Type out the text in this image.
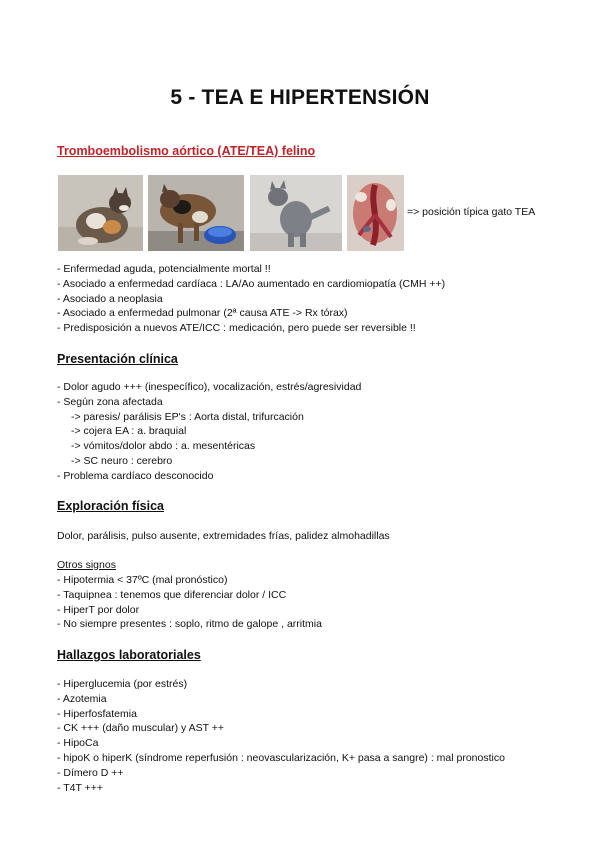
5 - TEA E HIPERTENSIÓN
Tromboembolismo aórtico (ATE/TEA) felino
=> posición típica gato TEA
- Enfermedad aguda, potencialmente mortal !!
- Asociado a enfermedad cardíaca : LA/Ao aumentado en cardiomiopatía (CMH ++)
- Asociado a neoplasia
- Asociado a enfermedad pulmonar (2ª causa ATE -> Rx tórax)
- Predisposición a nuevos ATE/ICC : medicación, pero puede ser reversible !!
Presentación clínica
- Dolor agudo +++ (inespecífico), vocalización, estrés/agresividad
- Según zona afectada
-> paresis/ parálisis EP's : Aorta distal, trifurcación
-> cojera EA : a. braquial
-> vómitos/dolor abdo : a. mesentéricas
-> SC neuro : cerebro
- Problema cardíaco desconocido
Exploración física

Dolor, parálisis, pulso ausente, extremidades frías, palidez almohadillas

Otros signos

- Hipotermia < 37ºC (mal pronóstico)
- Taquipnea : tenemos que diferenciar dolor / ICC
- HiperT por dolor
- No siempre presentes : soplo, ritmo de galope , arritmia
Hallazgos laboratoriales
- Hiperglucemia (por estrés)
- Azotemia
- Hiperfosfatemia
- CK +++ (daño muscular) y AST ++
- HipoCa
- hipoK o hiperK (síndrome reperfusión : neovascularización, K+ pasa a sangre) : mal pronostico
- Dímero D ++
- T4T +++
